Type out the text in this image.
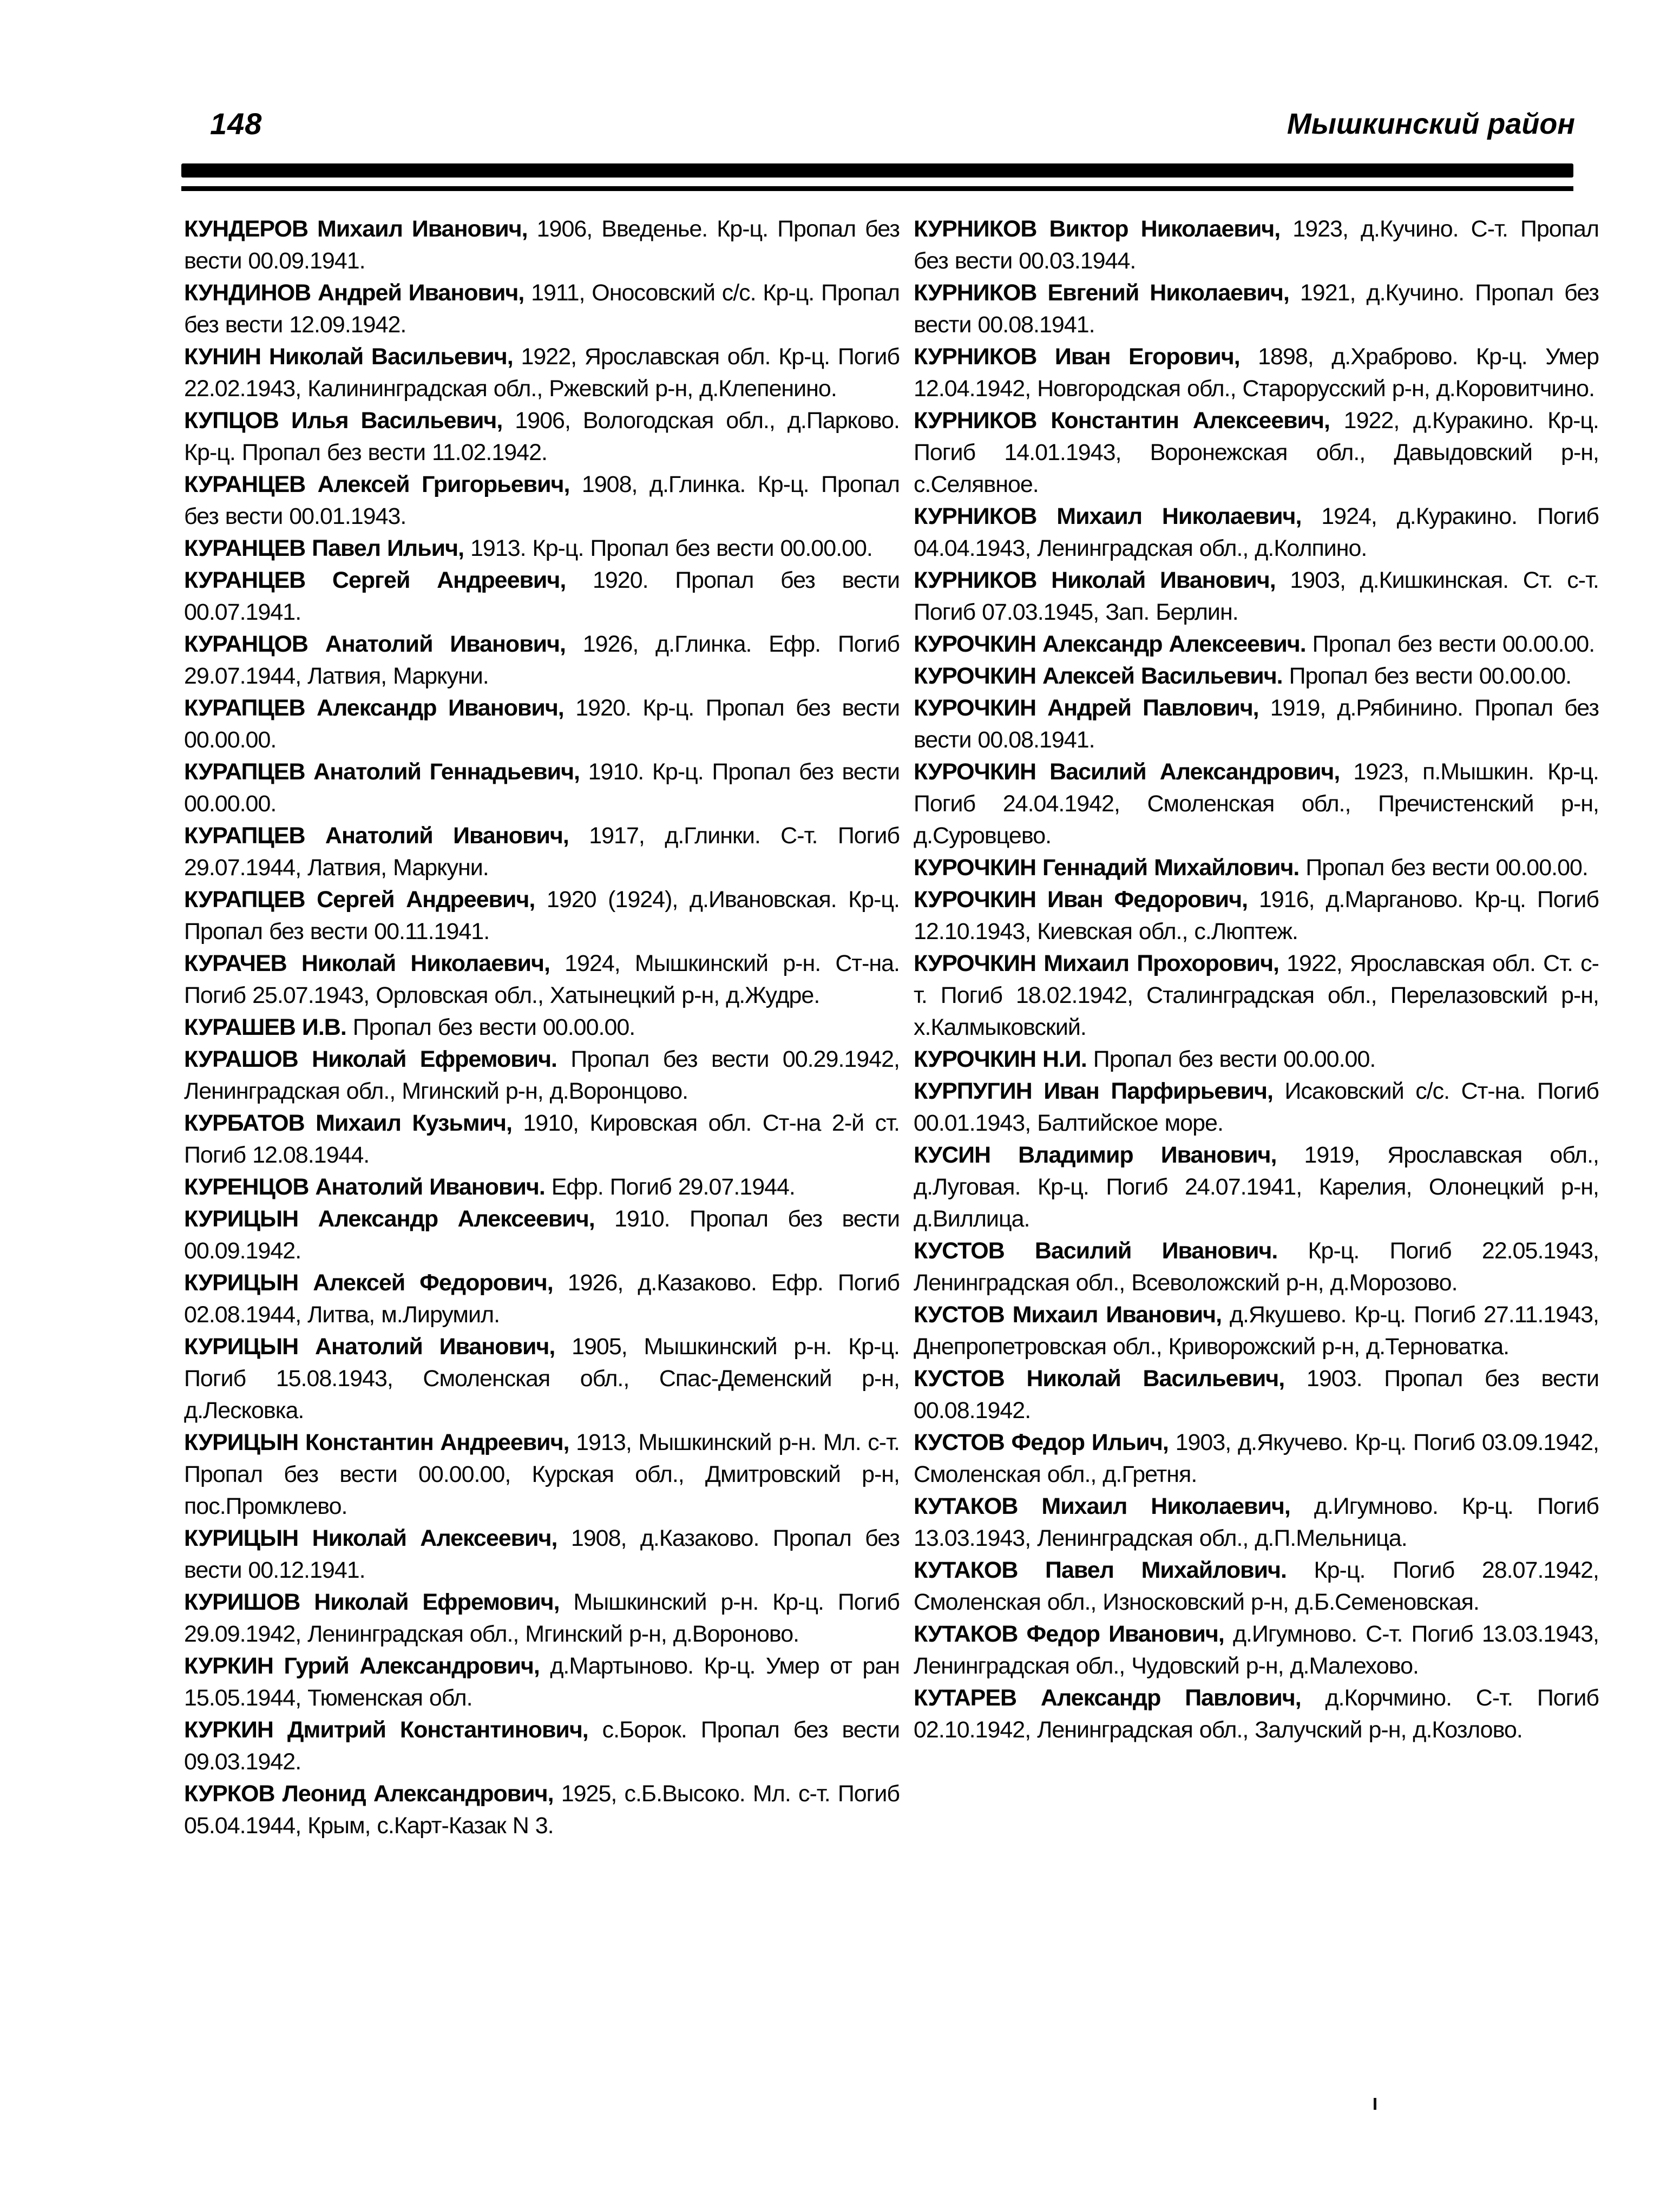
148	Мышкинский район

КУНДЕРОВ Михаил Иванович, 1906, Введенье. Кр-ц. Пропал без вести 00.09.1941.

КУНДИНОВ Андрей Иванович, 1911, Оносовский с/с. Кр-ц. Пропал без вести 12.09.1942.

КУНИН Николай Васильевич, 1922, Ярославская обл. Кр-ц. Погиб 22.02.1943, Калининградская обл., Ржевский р-н, д.Клепенино.

КУПЦОВ Илья Васильевич, 1906, Вологодская обл., д.Парково. Кр-ц. Пропал без вести 11.02.1942.

КУРАНЦЕВ Алексей Григорьевич, 1908, д.Глинка. Кр-ц. Пропал без вести 00.01.1943.

КУРАНЦЕВ Павел Ильич, 1913. Кр-ц. Пропал без вести 00.00.00.

КУРАНЦЕВ Сергей Андреевич, 1920. Пропал без вести 00.07.1941.

КУРАНЦОВ Анатолий Иванович, 1926, д.Глинка. Ефр. Погиб 29.07.1944, Латвия, Маркуни.

КУРАПЦЕВ Александр Иванович, 1920. Кр-ц. Пропал без вести 00.00.00.

КУРАПЦЕВ Анатолий Геннадьевич, 1910. Кр-ц. Пропал без вести 00.00.00.

КУРАПЦЕВ Анатолий Иванович, 1917, д.Глинки. С-т. Погиб 29.07.1944, Латвия, Маркуни.

КУРАПЦЕВ Сергей Андреевич, 1920 (1924), д.Ивановская. Кр-ц. Пропал без вести 00.11.1941.

КУРАЧЕВ Николай Николаевич, 1924, Мышкинский р-н. Ст-на. Погиб 25.07.1943, Орловская обл., Хатынецкий р-н, д.Жудре.

КУРАШЕВ И.В. Пропал без вести 00.00.00.

КУРАШОВ Николай Ефремович. Пропал без вести 00.29.1942, Ленинградская обл., Мгинский р-н, д.Воронцово.

КУРБАТОВ Михаил Кузьмич, 1910, Кировская обл. Ст-на 2-й ст. Погиб 12.08.1944.

КУРЕНЦОВ Анатолий Иванович. Ефр. Погиб 29.07.1944.

КУРИЦЫН Александр Алексеевич, 1910. Пропал без вести 00.09.1942.

КУРИЦЫН Алексей Федорович, 1926, д.Казаково. Ефр. Погиб 02.08.1944, Литва, м.Лирумил.

КУРИЦЫН Анатолий Иванович, 1905, Мышкинский р-н. Кр-ц. Погиб 15.08.1943, Смоленская обл., Спас-Деменский р-н, д.Лесковка.

КУРИЦЫН Константин Андреевич, 1913, Мышкинский р-н. Мл. с-т. Пропал без вести 00.00.00, Курская обл., Дмитровский р-н, пос.Промклево.

КУРИЦЫН Николай Алексеевич, 1908, д.Казаково. Пропал без вести 00.12.1941.

КУРИШОВ Николай Ефремович, Мышкинский р-н. Кр-ц. Погиб 29.09.1942, Ленинградская обл., Мгинский р-н, д.Вороново.

КУРКИН Гурий Александрович, д.Мартыново. Кр-ц. Умер от ран 15.05.1944, Тюменская обл.

КУРКИН Дмитрий Константинович, с.Борок. Пропал без вести 09.03.1942.

КУРКОВ Леонид Александрович, 1925, с.Б.Высоко. Мл. с-т. Погиб 05.04.1944, Крым, с.Карт-Казак N 3.

КУРНИКОВ Виктор Николаевич, 1923, д.Кучино. С-т. Пропал без вести 00.03.1944.

КУРНИКОВ Евгений Николаевич, 1921, д.Кучино. Пропал без вести 00.08.1941.

КУРНИКОВ Иван Егорович, 1898, д.Храброво. Кр-ц. Умер 12.04.1942, Новгородская обл., Старорусский р-н, д.Коровитчино.

КУРНИКОВ Константин Алексеевич, 1922, д.Куракино. Кр-ц. Погиб 14.01.1943, Воронежская обл., Давыдовский р-н, с.Селявное.

КУРНИКОВ Михаил Николаевич, 1924, д.Куракино. Погиб 04.04.1943, Ленинградская обл., д.Колпино.

КУРНИКОВ Николай Иванович, 1903, д.Кишкинская. Ст. с-т. Погиб 07.03.1945, Зап. Берлин.

КУРОЧКИН Александр Алексеевич. Пропал без вести 00.00.00.

КУРОЧКИН Алексей Васильевич. Пропал без вести 00.00.00.

КУРОЧКИН Андрей Павлович, 1919, д.Рябинино. Пропал без вести 00.08.1941.

КУРОЧКИН Василий Александрович, 1923, п.Мышкин. Кр-ц. Погиб 24.04.1942, Смоленская обл., Пречистенский р-н, д.Суровцево.

КУРОЧКИН Геннадий Михайлович. Пропал без вести 00.00.00.

КУРОЧКИН Иван Федорович, 1916, д.Марганово. Кр-ц. Погиб 12.10.1943, Киевская обл., с.Люптеж.

КУРОЧКИН Михаил Прохорович, 1922, Ярославская обл. Ст. с-т. Погиб 18.02.1942, Сталинградская обл., Перелазовский р-н, х.Калмыковский.

КУРОЧКИН Н.И. Пропал без вести 00.00.00.

КУРПУГИН Иван Парфирьевич, Исаковский с/с. Ст-на. Погиб 00.01.1943, Балтийское море.

КУСИН Владимир Иванович, 1919, Ярославская обл., д.Луговая. Кр-ц. Погиб 24.07.1941, Карелия, Олонецкий р-н, д.Виллица.

КУСТОВ Василий Иванович. Кр-ц. Погиб 22.05.1943, Ленинградская обл., Всеволожский р-н, д.Морозово.

КУСТОВ Михаил Иванович, д.Якушево. Кр-ц. Погиб 27.11.1943, Днепропетровская обл., Криворожский р-н, д.Терноватка.

КУСТОВ Николай Васильевич, 1903. Пропал без вести 00.08.1942.

КУСТОВ Федор Ильич, 1903, д.Якучево. Кр-ц. Погиб 03.09.1942, Смоленская обл., д.Гретня.

КУТАКОВ Михаил Николаевич, д.Игумново. Кр-ц. Погиб 13.03.1943, Ленинградская обл., д.П.Мельница.

КУТАКОВ Павел Михайлович. Кр-ц. Погиб 28.07.1942, Смоленская обл., Износковский р-н, д.Б.Семеновская.

КУТАКОВ Федор Иванович, д.Игумново. С-т. Погиб 13.03.1943, Ленинградская обл., Чудовский р-н, д.Малехово.

КУТАРЕВ Александр Павлович, д.Корчмино. С-т. Погиб 02.10.1942, Ленинградская обл., Залучский р-н, д.Козлово.
